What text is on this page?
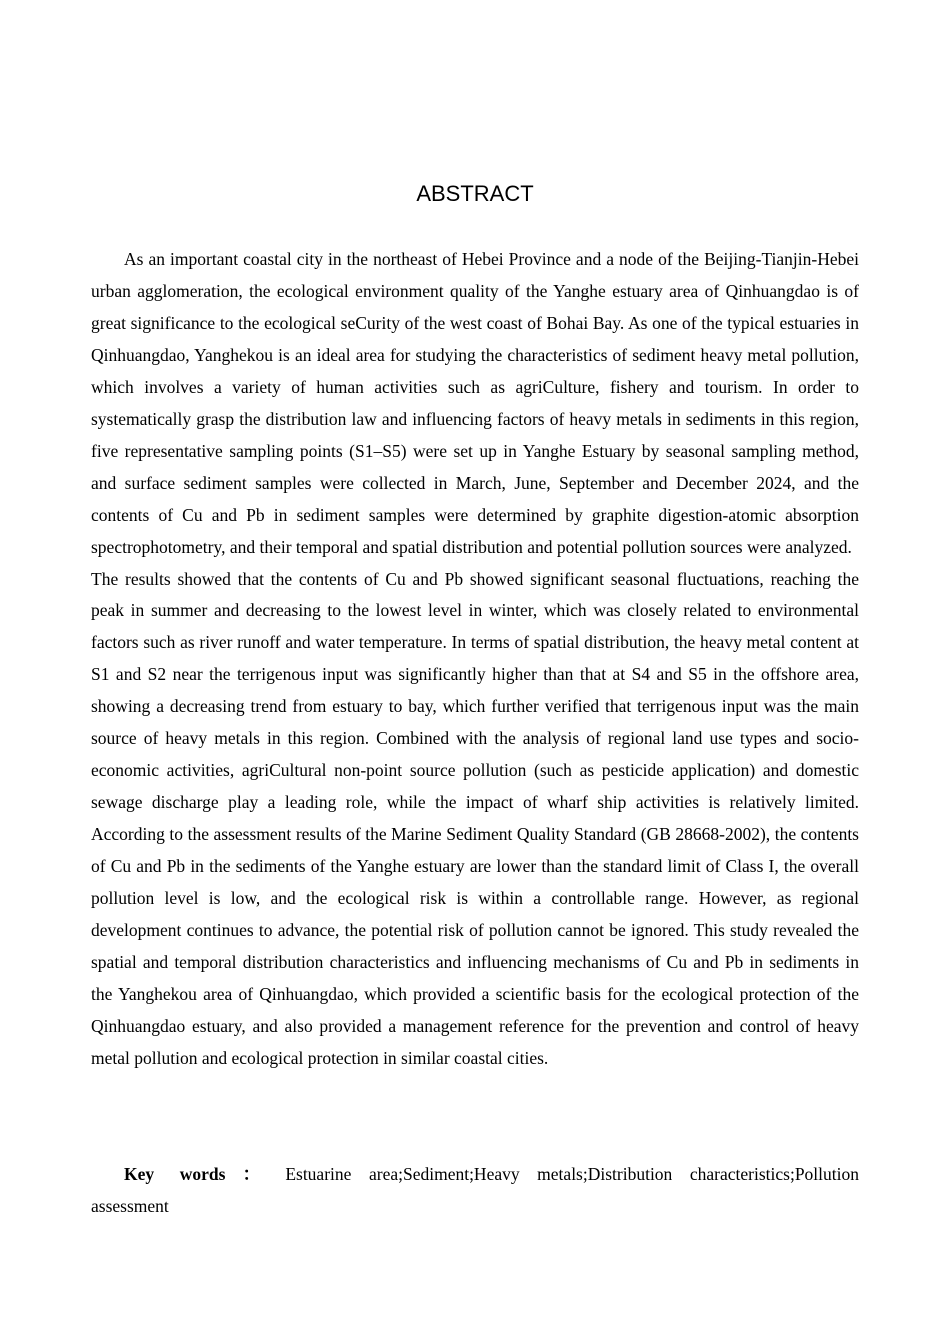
ABSTRACT

As an important coastal city in the northeast of Hebei Province and a node of the Beijing-Tianjin-Hebei urban agglomeration, the ecological environment quality of the Yanghe estuary area of Qinhuangdao is of great significance to the ecological seCurity of the west coast of Bohai Bay. As one of the typical estuaries in Qinhuangdao, Yanghekou is an ideal area for studying the characteristics of sediment heavy metal pollution, which involves a variety of human activities such as agriCulture, fishery and tourism. In order to systematically grasp the distribution law and influencing factors of heavy metals in sediments in this region, five representative sampling points (S1–S5) were set up in Yanghe Estuary by seasonal sampling method, and surface sediment samples were collected in March, June, September and December 2024, and the contents of Cu and Pb in sediment samples were determined by graphite digestion-atomic absorption spectrophotometry, and their temporal and spatial distribution and potential pollution sources were analyzed.

The results showed that the contents of Cu and Pb showed significant seasonal fluctuations, reaching the peak in summer and decreasing to the lowest level in winter, which was closely related to environmental factors such as river runoff and water temperature. In terms of spatial distribution, the heavy metal content at S1 and S2 near the terrigenous input was significantly higher than that at S4 and S5 in the offshore area, showing a decreasing trend from estuary to bay, which further verified that terrigenous input was the main source of heavy metals in this region. Combined with the analysis of regional land use types and socio-economic activities, agriCultural non-point source pollution (such as pesticide application) and domestic sewage discharge play a leading role, while the impact of wharf ship activities is relatively limited. According to the assessment results of the Marine Sediment Quality Standard (GB 28668-2002), the contents of Cu and Pb in the sediments of the Yanghe estuary are lower than the standard limit of Class I, the overall pollution level is low, and the ecological risk is within a controllable range. However, as regional development continues to advance, the potential risk of pollution cannot be ignored. This study revealed the spatial and temporal distribution characteristics and influencing mechanisms of Cu and Pb in sediments in the Yanghekou area of Qinhuangdao, which provided a scientific basis for the ecological protection of the Qinhuangdao estuary, and also provided a management reference for the prevention and control of heavy metal pollution and ecological protection in similar coastal cities.

Key words ： Estuarine area;Sediment;Heavy metals;Distribution characteristics;Pollution assessment
